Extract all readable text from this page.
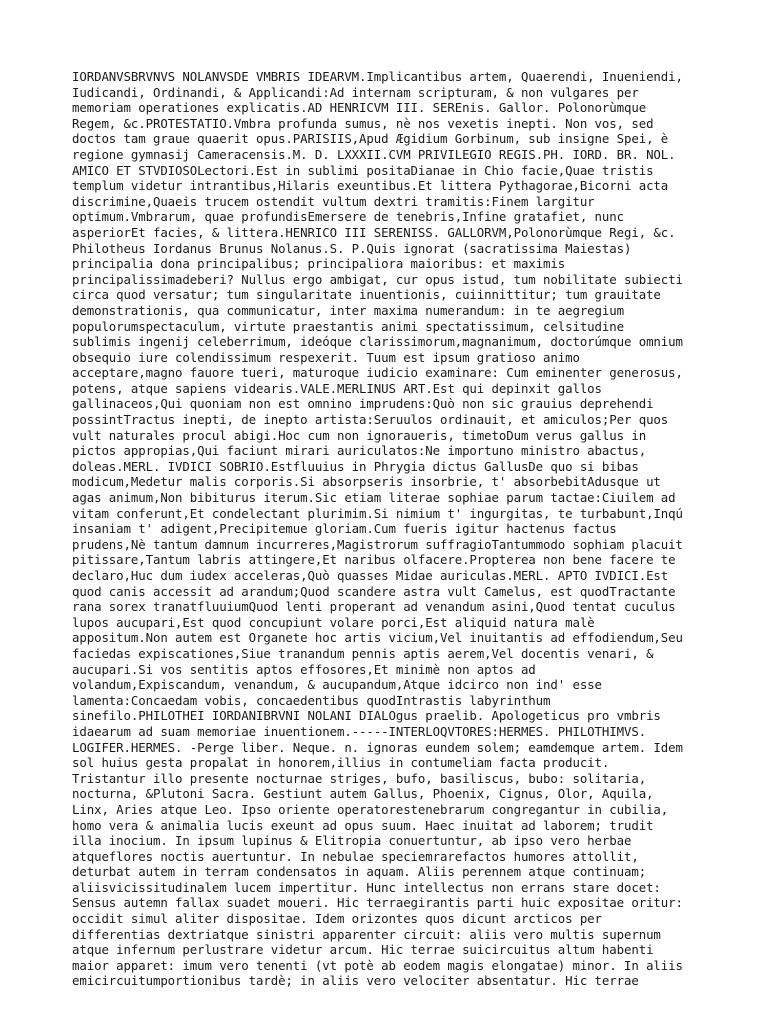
IORDANVSBRVNVS NOLANVSDE VMBRIS IDEARVM.Implicantibus artem, Quaerendi, Inueniendi,
Iudicandi, Ordinandi, & Applicandi:Ad internam scripturam, & non vulgares per
memoriam operationes explicatis.AD HENRICVM III. SEREnis. Gallor. Polonorùmque
Regem, &c.PROTESTATIO.Vmbra profunda sumus, nè nos vexetis inepti. Non vos, sed
doctos tam graue quaerit opus.PARISIIS,Apud Ægidium Gorbinum, sub insigne Spei, è
regione gymnasij Cameracensis.M. D. LXXXII.CVM PRIVILEGIO REGIS.PH. IORD. BR. NOL.
AMICO ET STVDIOSOLectori.Est in sublimi positaDianae in Chio facie,Quae tristis
templum videtur intrantibus,Hilaris exeuntibus.Et littera Pythagorae,Bicorni acta
discrimine,Quaeis trucem ostendit vultum dextri tramitis:Finem largitur
optimum.Vmbrarum, quae profundisEmersere de tenebris,Infine gratafiet, nunc
asperiorEt facies, & littera.HENRICO III SERENISS. GALLORVM,Polonorùmque Regi, &c.
Philotheus Iordanus Brunus Nolanus.S. P.Quis ignorat (sacratissima Maiestas)
principalia dona principalibus; principaliora maioribus: et maximis
principalissimadeberi? Nullus ergo ambigat, cur opus istud, tum nobilitate subiecti
circa quod versatur; tum singularitate inuentionis, cuiinnittitur; tum grauitate
demonstrationis, qua communicatur, inter maxima numerandum: in te aegregium
populorumspectaculum, virtute praestantis animi spectatissimum, celsitudine
sublimis ingenij celeberrimum, ideóque clarissimorum,magnanimum, doctorúmque omnium
obsequio iure colendissimum respexerit. Tuum est ipsum gratioso animo
acceptare,magno fauore tueri, maturoque iudicio examinare: Cum eminenter generosus,
potens, atque sapiens videaris.VALE.MERLINUS ART.Est qui depinxit gallos
gallinaceos,Qui quoniam non est omnino imprudens:Quò non sic grauius deprehendi
possintTractus inepti, de inepto artista:Seruulos ordinauit, et amiculos;Per quos
vult naturales procul abigi.Hoc cum non ignoraueris, timetoDum verus gallus in
pictos appropias,Qui faciunt mirari auriculatos:Ne importuno ministro abactus,
doleas.MERL. IVDICI SOBRIO.Estfluuius in Phrygia dictus GallusDe quo si bibas
modicum,Medetur malis corporis.Si absorpseris insorbrie, t' absorbebitAdusque ut
agas animum,Non bibiturus iterum.Sic etiam literae sophiae parum tactae:Ciuilem ad
vitam conferunt,Et condelectant plurimim.Si nimium t' ingurgitas, te turbabunt,Inqú
insaniam t' adigent,Precipitemue gloriam.Cum fueris igitur hactenus factus
prudens,Nè tantum damnum incurreres,Magistrorum suffragioTantummodo sophiam placuit
pitissare,Tantum labris attingere,Et naribus olfacere.Propterea non bene facere te
declaro,Huc dum iudex acceleras,Quò quasses Midae auriculas.MERL. APTO IVDICI.Est
quod canis accessit ad arandum;Quod scandere astra vult Camelus, est quodTractante
rana sorex tranatfluuiumQuod lenti properant ad venandum asini,Quod tentat cuculus
lupos aucupari,Est quod concupiunt volare porci,Est aliquid natura malè
appositum.Non autem est Organete hoc artis vicium,Vel inuitantis ad effodiendum,Seu
faciedas expiscationes,Siue tranandum pennis aptis aerem,Vel docentis venari, &
aucupari.Si vos sentitis aptos effosores,Et minimè non aptos ad
volandum,Expiscandum, venandum, & aucupandum,Atque idcirco non ind' esse
lamenta:Concaedam vobis, concaedentibus quodIntrastis labyrinthum
sinefilo.PHILOTHEI IORDANIBRVNI NOLANI DIALOgus praelib. Apologeticus pro vmbris
idaearum ad suam memoriae inuentionem.-----INTERLOQVTORES:HERMES. PHILOTHIMVS.
LOGIFER.HERMES. -Perge liber. Neque. n. ignoras eundem solem; eamdemque artem. Idem
sol huius gesta propalat in honorem,illius in contumeliam facta producit.
Tristantur illo presente nocturnae striges, bufo, basiliscus, bubo: solitaria,
nocturna, &Plutoni Sacra. Gestiunt autem Gallus, Phoenix, Cignus, Olor, Aquila,
Linx, Aries atque Leo. Ipso oriente operatorestenebrarum congregantur in cubilia,
homo vera & animalia lucis exeunt ad opus suum. Haec inuitat ad laborem; trudit
illa inocium. In ipsum lupinus & Elitropia conuertuntur, ab ipso vero herbae
atqueflores noctis auertuntur. In nebulae speciemrarefactos humores attollit,
deturbat autem in terram condensatos in aquam. Aliis perennem atque continuam;
aliisvicissitudinalem lucem impertitur. Hunc intellectus non errans stare docet:
Sensus autemn fallax suadet moueri. Hic terraegirantis parti huic expositae oritur:
occidit simul aliter dispositae. Idem orizontes quos dicunt arcticos per
differentias dextriatque sinistri apparenter circuit: aliis vero multis supernum
atque infernum perlustrare videtur arcum. Hic terrae suicircuitus altum habenti
maior apparet: imum vero tenenti (vt potè ab eodem magis elongatae) minor. In aliis
emicircuitumportionibus tardè; in aliis vero velociter absentatur. Hic terrae
